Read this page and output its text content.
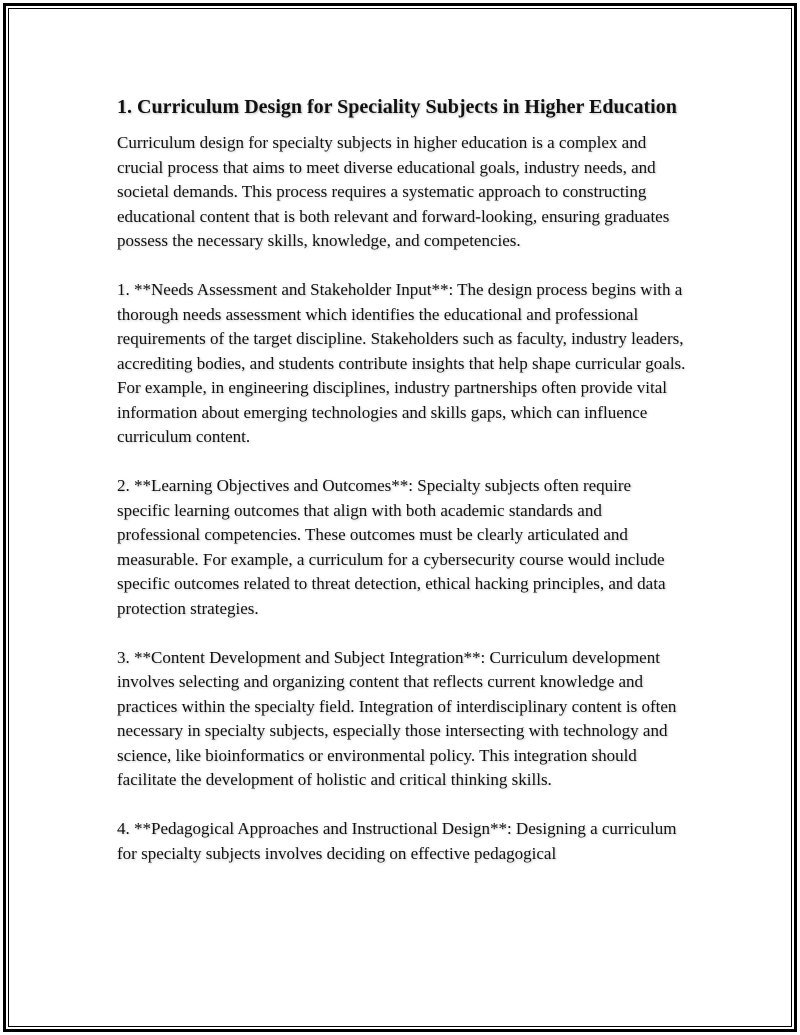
1. Curriculum Design for Speciality Subjects in Higher Education

Curriculum design for specialty subjects in higher education is a complex and crucial process that aims to meet diverse educational goals, industry needs, and societal demands. This process requires a systematic approach to constructing educational content that is both relevant and forward-looking, ensuring graduates possess the necessary skills, knowledge, and competencies.

1. **Needs Assessment and Stakeholder Input**: The design process begins with a thorough needs assessment which identifies the educational and professional requirements of the target discipline. Stakeholders such as faculty, industry leaders, accrediting bodies, and students contribute insights that help shape curricular goals. For example, in engineering disciplines, industry partnerships often provide vital information about emerging technologies and skills gaps, which can influence curriculum content.

2. **Learning Objectives and Outcomes**: Specialty subjects often require specific learning outcomes that align with both academic standards and professional competencies. These outcomes must be clearly articulated and measurable. For example, a curriculum for a cybersecurity course would include specific outcomes related to threat detection, ethical hacking principles, and data protection strategies.

3. **Content Development and Subject Integration**: Curriculum development involves selecting and organizing content that reflects current knowledge and practices within the specialty field. Integration of interdisciplinary content is often necessary in specialty subjects, especially those intersecting with technology and science, like bioinformatics or environmental policy. This integration should facilitate the development of holistic and critical thinking skills.

4. **Pedagogical Approaches and Instructional Design**: Designing a curriculum for specialty subjects involves deciding on effective pedagogical
